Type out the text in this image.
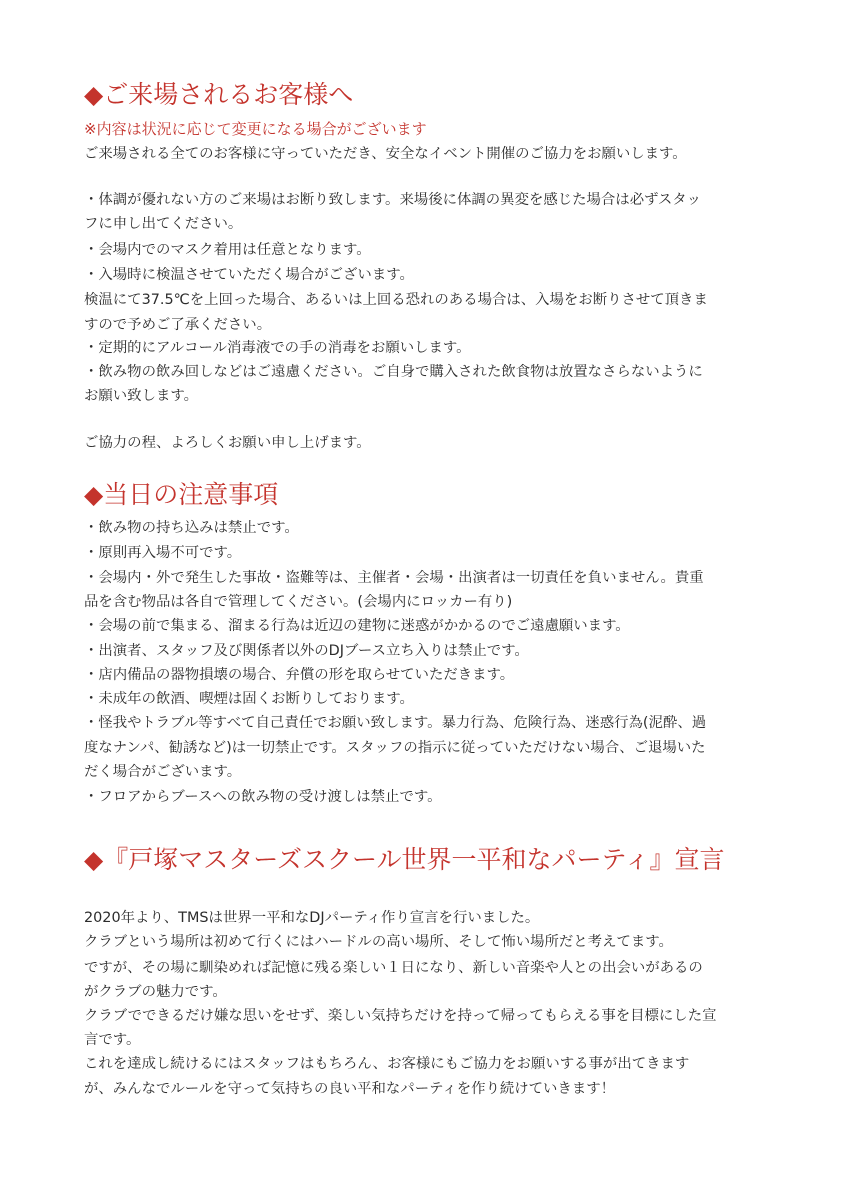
◆ご来場されるお客様へ

※内容は状況に応じて変更になる場合がございます

ご来場される全てのお客様に守っていただき、安全なイベント開催のご協力をお願いします。

・体調が優れない方のご来場はお断り致します。来場後に体調の異変を感じた場合は必ずスタッ

フに申し出てください。

・会場内でのマスク着用は任意となります。

・入場時に検温させていただく場合がございます。

検温にて37.5℃を上回った場合、あるいは上回る恐れのある場合は、入場をお断りさせて頂きま

すので予めご了承ください。

・定期的にアルコール消毒液での手の消毒をお願いします。

・飲み物の飲み回しなどはご遠慮ください。ご自身で購入された飲食物は放置なさらないように

お願い致します。

ご協力の程、よろしくお願い申し上げます。

◆当日の注意事項

・飲み物の持ち込みは禁止です。

・原則再入場不可です。

・会場内・外で発生した事故・盗難等は、主催者・会場・出演者は一切責任を負いません。貴重

品を含む物品は各自で管理してください。(会場内にロッカー有り)

・会場の前で集まる、溜まる行為は近辺の建物に迷惑がかかるのでご遠慮願います。

・出演者、スタッフ及び関係者以外のDJブース立ち入りは禁止です。

・店内備品の器物損壊の場合、弁償の形を取らせていただきます。

・未成年の飲酒、喫煙は固くお断りしております。

・怪我やトラブル等すべて自己責任でお願い致します。暴力行為、危険行為、迷惑行為(泥酔、過

度なナンパ、勧誘など)は一切禁止です。スタッフの指示に従っていただけない場合、ご退場いた

だく場合がございます。

・フロアからブースへの飲み物の受け渡しは禁止です。

◆『戸塚マスターズスクール世界一平和なパーティ』宣言

2020年より、TMSは世界一平和なDJパーティ作り宣言を行いました。

クラブという場所は初めて行くにはハードルの高い場所、そして怖い場所だと考えてます。

ですが、その場に馴染めれば記憶に残る楽しい１日になり、新しい音楽や人との出会いがあるの

がクラブの魅力です。

クラブでできるだけ嫌な思いをせず、楽しい気持ちだけを持って帰ってもらえる事を目標にした宣

言です。

これを達成し続けるにはスタッフはもちろん、お客様にもご協力をお願いする事が出てきます

が、みんなでルールを守って気持ちの良い平和なパーティを作り続けていきます！
